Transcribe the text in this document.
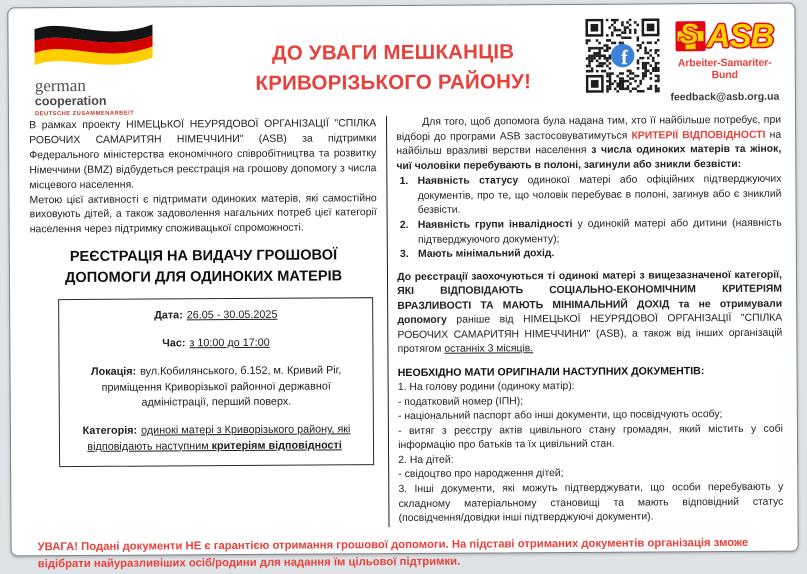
german
cooperation
DEUTSCHE ZUSAMMENARBEIT
ДО УВАГИ МЕШКАНЦІВ
КРИВОРІЗЬКОГО РАЙОНУ!
f
S ASB
Arbeiter-Samariter-Bund
feedback@asb.org.ua

В рамках проекту НІМЕЦЬКОЇ НЕУРЯДОВОЇ ОРГАНІЗАЦІЇ "СПІЛКА РОБОЧИХ САМАРИТЯН НІМЕЧЧИНИ" (ASB) за підтримки Федерального міністерства економічного співробітництва та розвитку Німеччини (BMZ) відбудеться реєстрація на грошову допомогу з числа місцевого населення.

Метою цієї активності є підтримати одиноких матерів, які самостійно виховують дітей, а також задоволення нагальних потреб цієї категорії населення через підтримку споживацької спроможності.

РЕЄСТРАЦІЯ НА ВИДАЧУ ГРОШОВОЇ ДОПОМОГИ ДЛЯ ОДИНОКИХ МАТЕРІВ

Дата: 26.05 - 30.05.2025

Час: з 10:00 до 17:00

Локація: вул.Кобилянського, б.152, м. Кривий Ріг, приміщення Криворізької районної державної адміністрації, перший поверх.

Категорія: одинокі матері з Криворізького району, які відповідають наступним критеріям відповідності

Для того, щоб допомога була надана тим, хто її найбільше потребує, при відборі до програми ASB застосовуватимуться КРИТЕРІЇ ВІДПОВІДНОСТІ на найбільш вразливі верстви населення з числа одиноких матерів та жінок, чиї чоловіки перебувають в полоні, загинули або зникли безвісти:

1. Наявність статусу одинокої матері або офіційних підтверджуючих документів, про те, що чоловік перебуває в полоні, загинув або є зниклий безвісти.
2. Наявність групи інвалідності у одинокій матері або дитини (наявність підтверджуючого документу);
3. Мають мінімальний дохід.

До реєстрації заохочуються ті одинокі матері з вищезазначеної категорії, ЯКІ ВІДПОВІДАЮТЬ СОЦІАЛЬНО-ЕКОНОМІЧНИМ КРИТЕРІЯМ ВРАЗЛИВОСТІ ТА МАЮТЬ МІНІМАЛЬНИЙ ДОХІД та не отримували допомогу раніше від НІМЕЦЬКОЇ НЕУРЯДОВОЇ ОРГАНІЗАЦІЇ "СПІЛКА РОБОЧИХ САМАРИТЯН НІМЕЧЧИНИ" (ASB), а також від інших організацій протягом останніх 3 місяців.

НЕОБХІДНО МАТИ ОРИГІНАЛИ НАСТУПНИХ ДОКУМЕНТІВ:

1. На голову родини (одиноку матір):

- податковий номер (ІПН);

- національний паспорт або інші документи, що посвідчують особу;

- витяг з реєстру актів цивільного стану громадян, який містить у собі інформацію про батьків та їх цивільний стан.

2. На дітей:

- свідоцтво про народження дітей;

3. Інші документи, які можуть підтверджувати, що особи перебувають у складному матеріальному становищі та мають відповідний статус (посвідчення/довідки інші підтверджуючі документи).

УВАГА! Подані документи НЕ є гарантією отримання грошової допомоги. На підставі отриманих документів організація зможе відібрати найуразливіших осіб/родини для надання їм цільової підтримки.
